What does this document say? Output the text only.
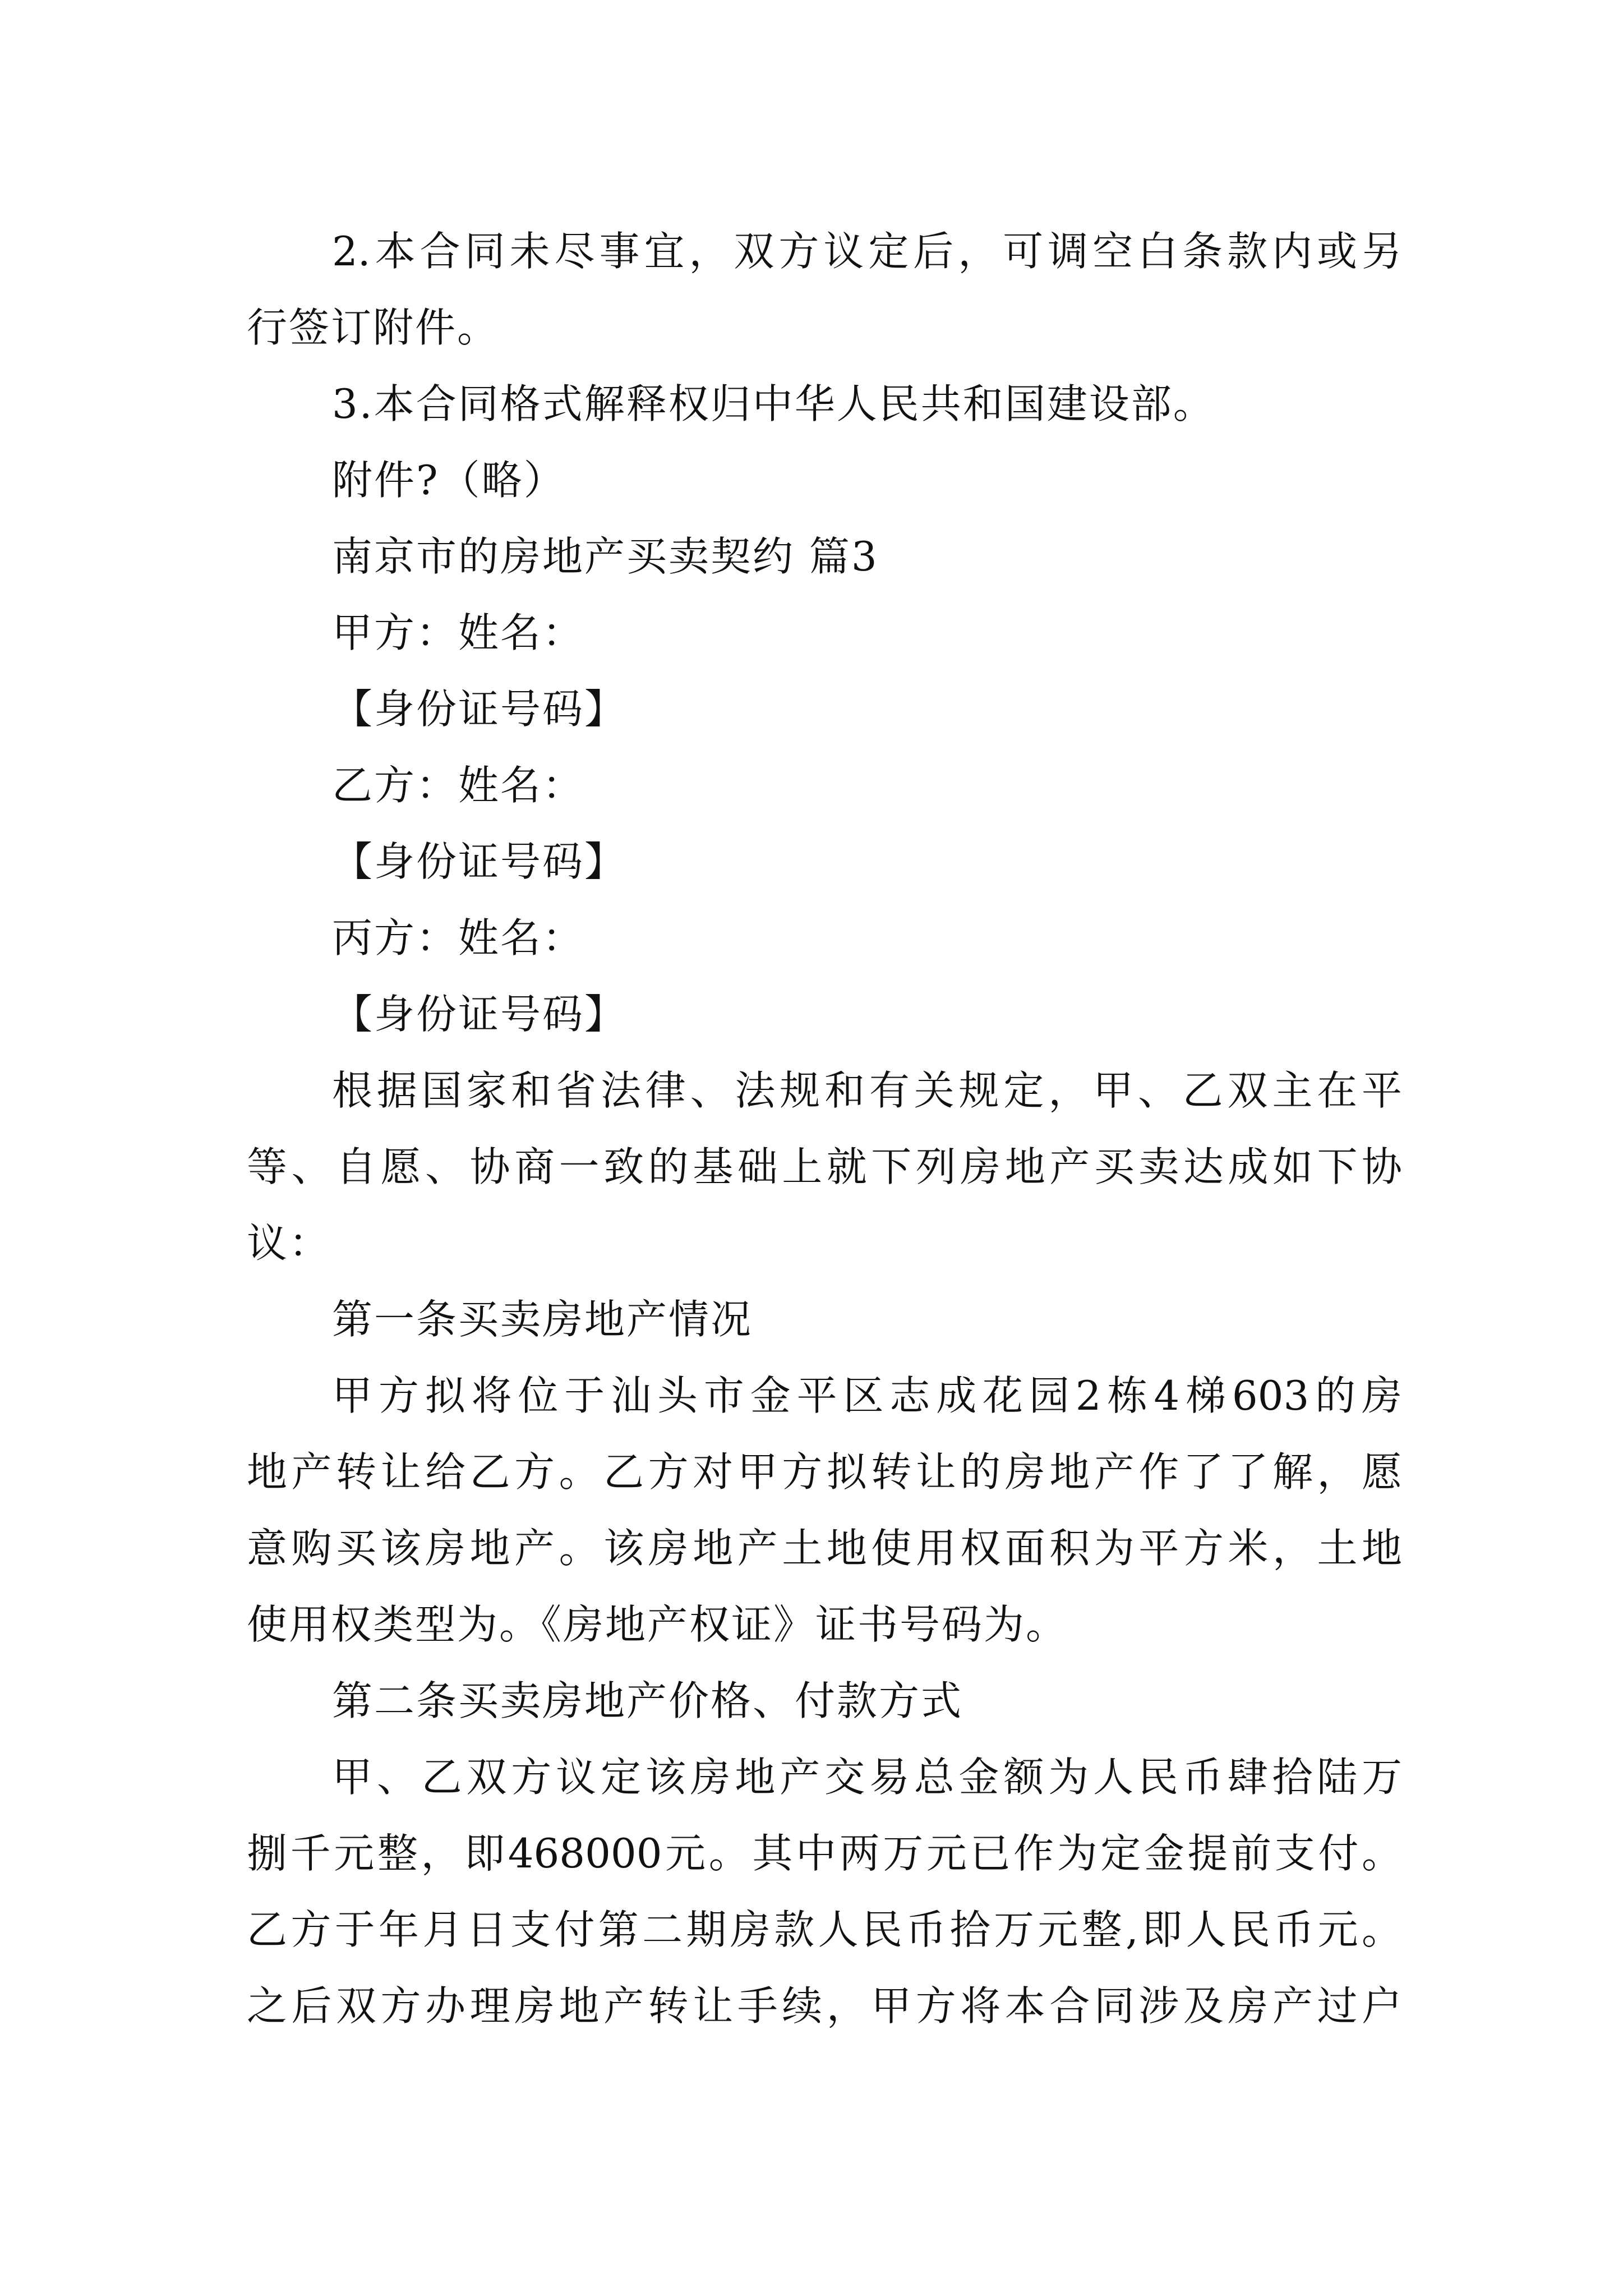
2.本合同未尽事宜，双方议定后，可调空白条款内或另
行签订附件。
3.本合同格式解释权归中华人民共和国建设部。
附件?（略）
南京市的房地产买卖契约 篇3
甲方：姓名：
【身份证号码】
乙方：姓名：
【身份证号码】
丙方：姓名：
【身份证号码】
根据国家和省法律、法规和有关规定，甲、乙双主在平
等、自愿、协商一致的基础上就下列房地产买卖达成如下协
议：
第一条买卖房地产情况
甲方拟将位于汕头市金平区志成花园2栋4梯603的房
地产转让给乙方。乙方对甲方拟转让的房地产作了了解，愿
意购买该房地产。该房地产土地使用权面积为平方米，土地
使用权类型为。《房地产权证》证书号码为。
第二条买卖房地产价格、付款方式
甲、乙双方议定该房地产交易总金额为人民币肆拾陆万
捌千元整，即468000元。其中两万元已作为定金提前支付。
乙方于年月日支付第二期房款人民币拾万元整,即人民币元。
之后双方办理房地产转让手续，甲方将本合同涉及房产过户
